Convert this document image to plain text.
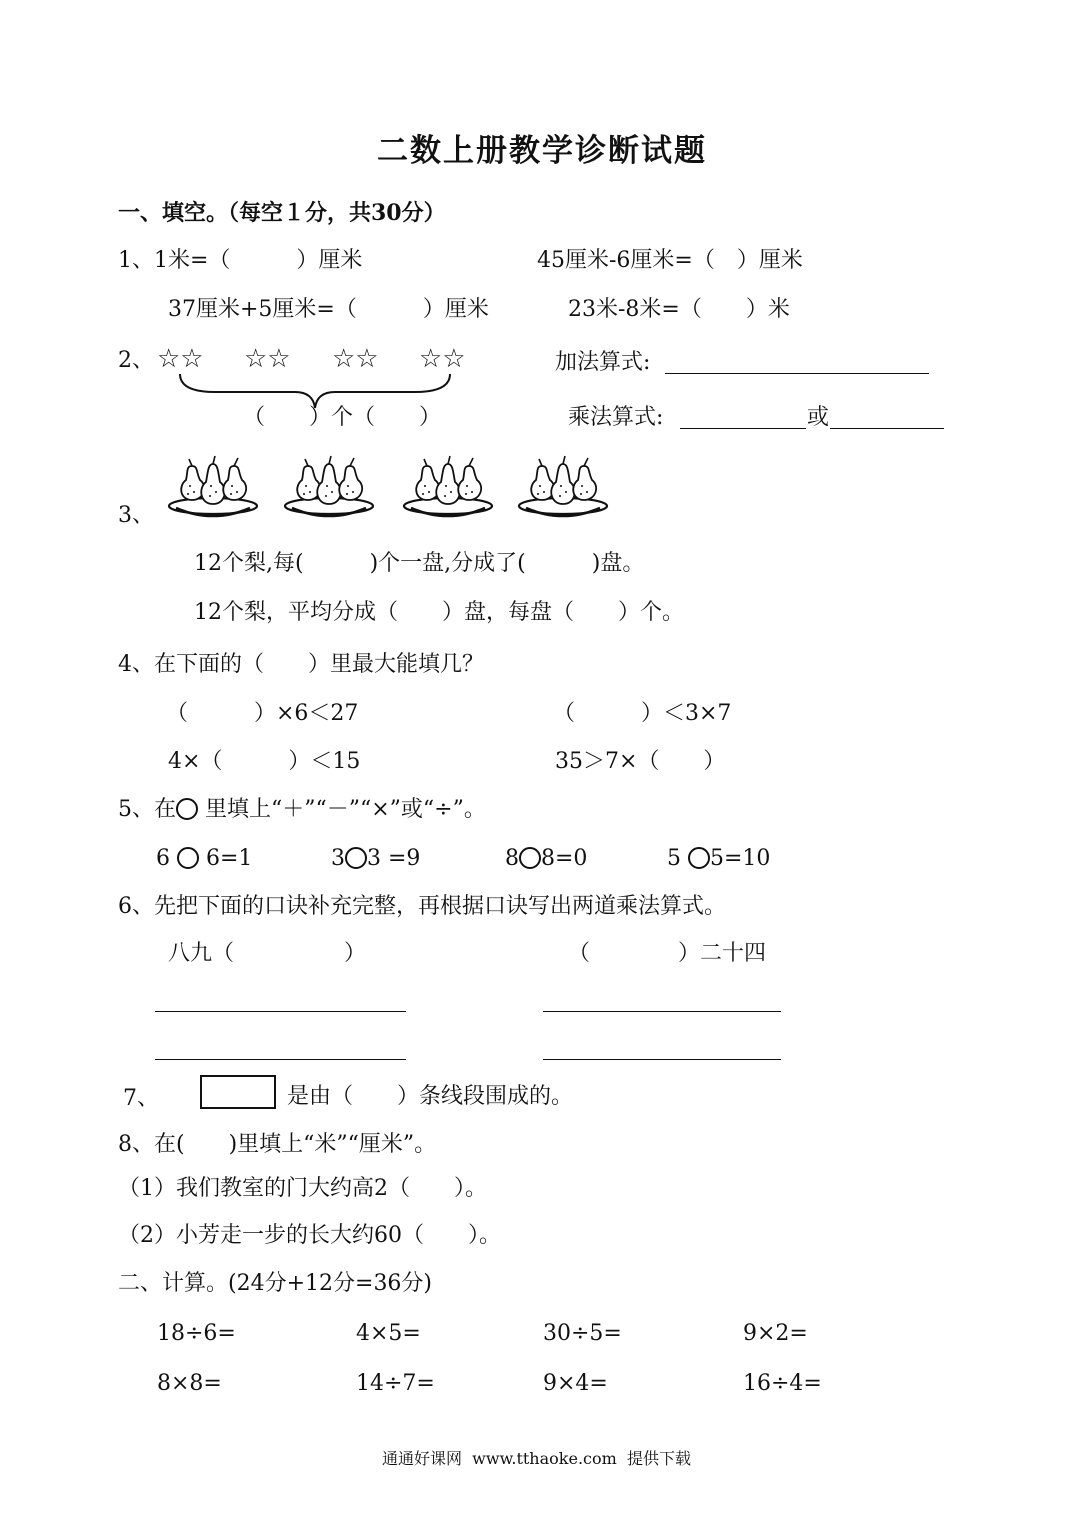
二数上册教学诊断试题
一、填空。（每空１分，共30分）
1、1米=（　　　）厘米	45厘米-6厘米=（　）厘米
37厘米+5厘米=（　　　）厘米	23米-8米=（　　）米
2、 ☆☆ ☆☆ ☆☆ ☆☆
（　　）个（　　）
加法算式:
乘法算式:	或
3、
12个梨,每(　　　)个一盘,分成了(　　　)盘。
12个梨，平均分成（　　）盘，每盘（　　）个。
4、在下面的（　　）里最大能填几？
（　　　）×6＜27	（　　　）＜3×7
4×（　　　）＜15	35＞7×（　　）
5、在 里填上“＋”“－”“×”或“÷”。
6  6=1	3 3 =9	8 8=0	5 5=10
6、先把下面的口诀补充完整，再根据口诀写出两道乘法算式。
八九（　　　　　）	（　　　　）二十四
7、	是由（　　）条线段围成的。
8、在(　　)里填上“米”“厘米”。
（1）我们教室的门大约高2（　　）。
（2）小芳走一步的长大约60（　　）。
二、计算。(24分+12分=36分)
18÷6=	4×5=	30÷5=	9×2=
8×8=	14÷7=	9×4=	16÷4=
通通好课网  www.tthaoke.com  提供下载
